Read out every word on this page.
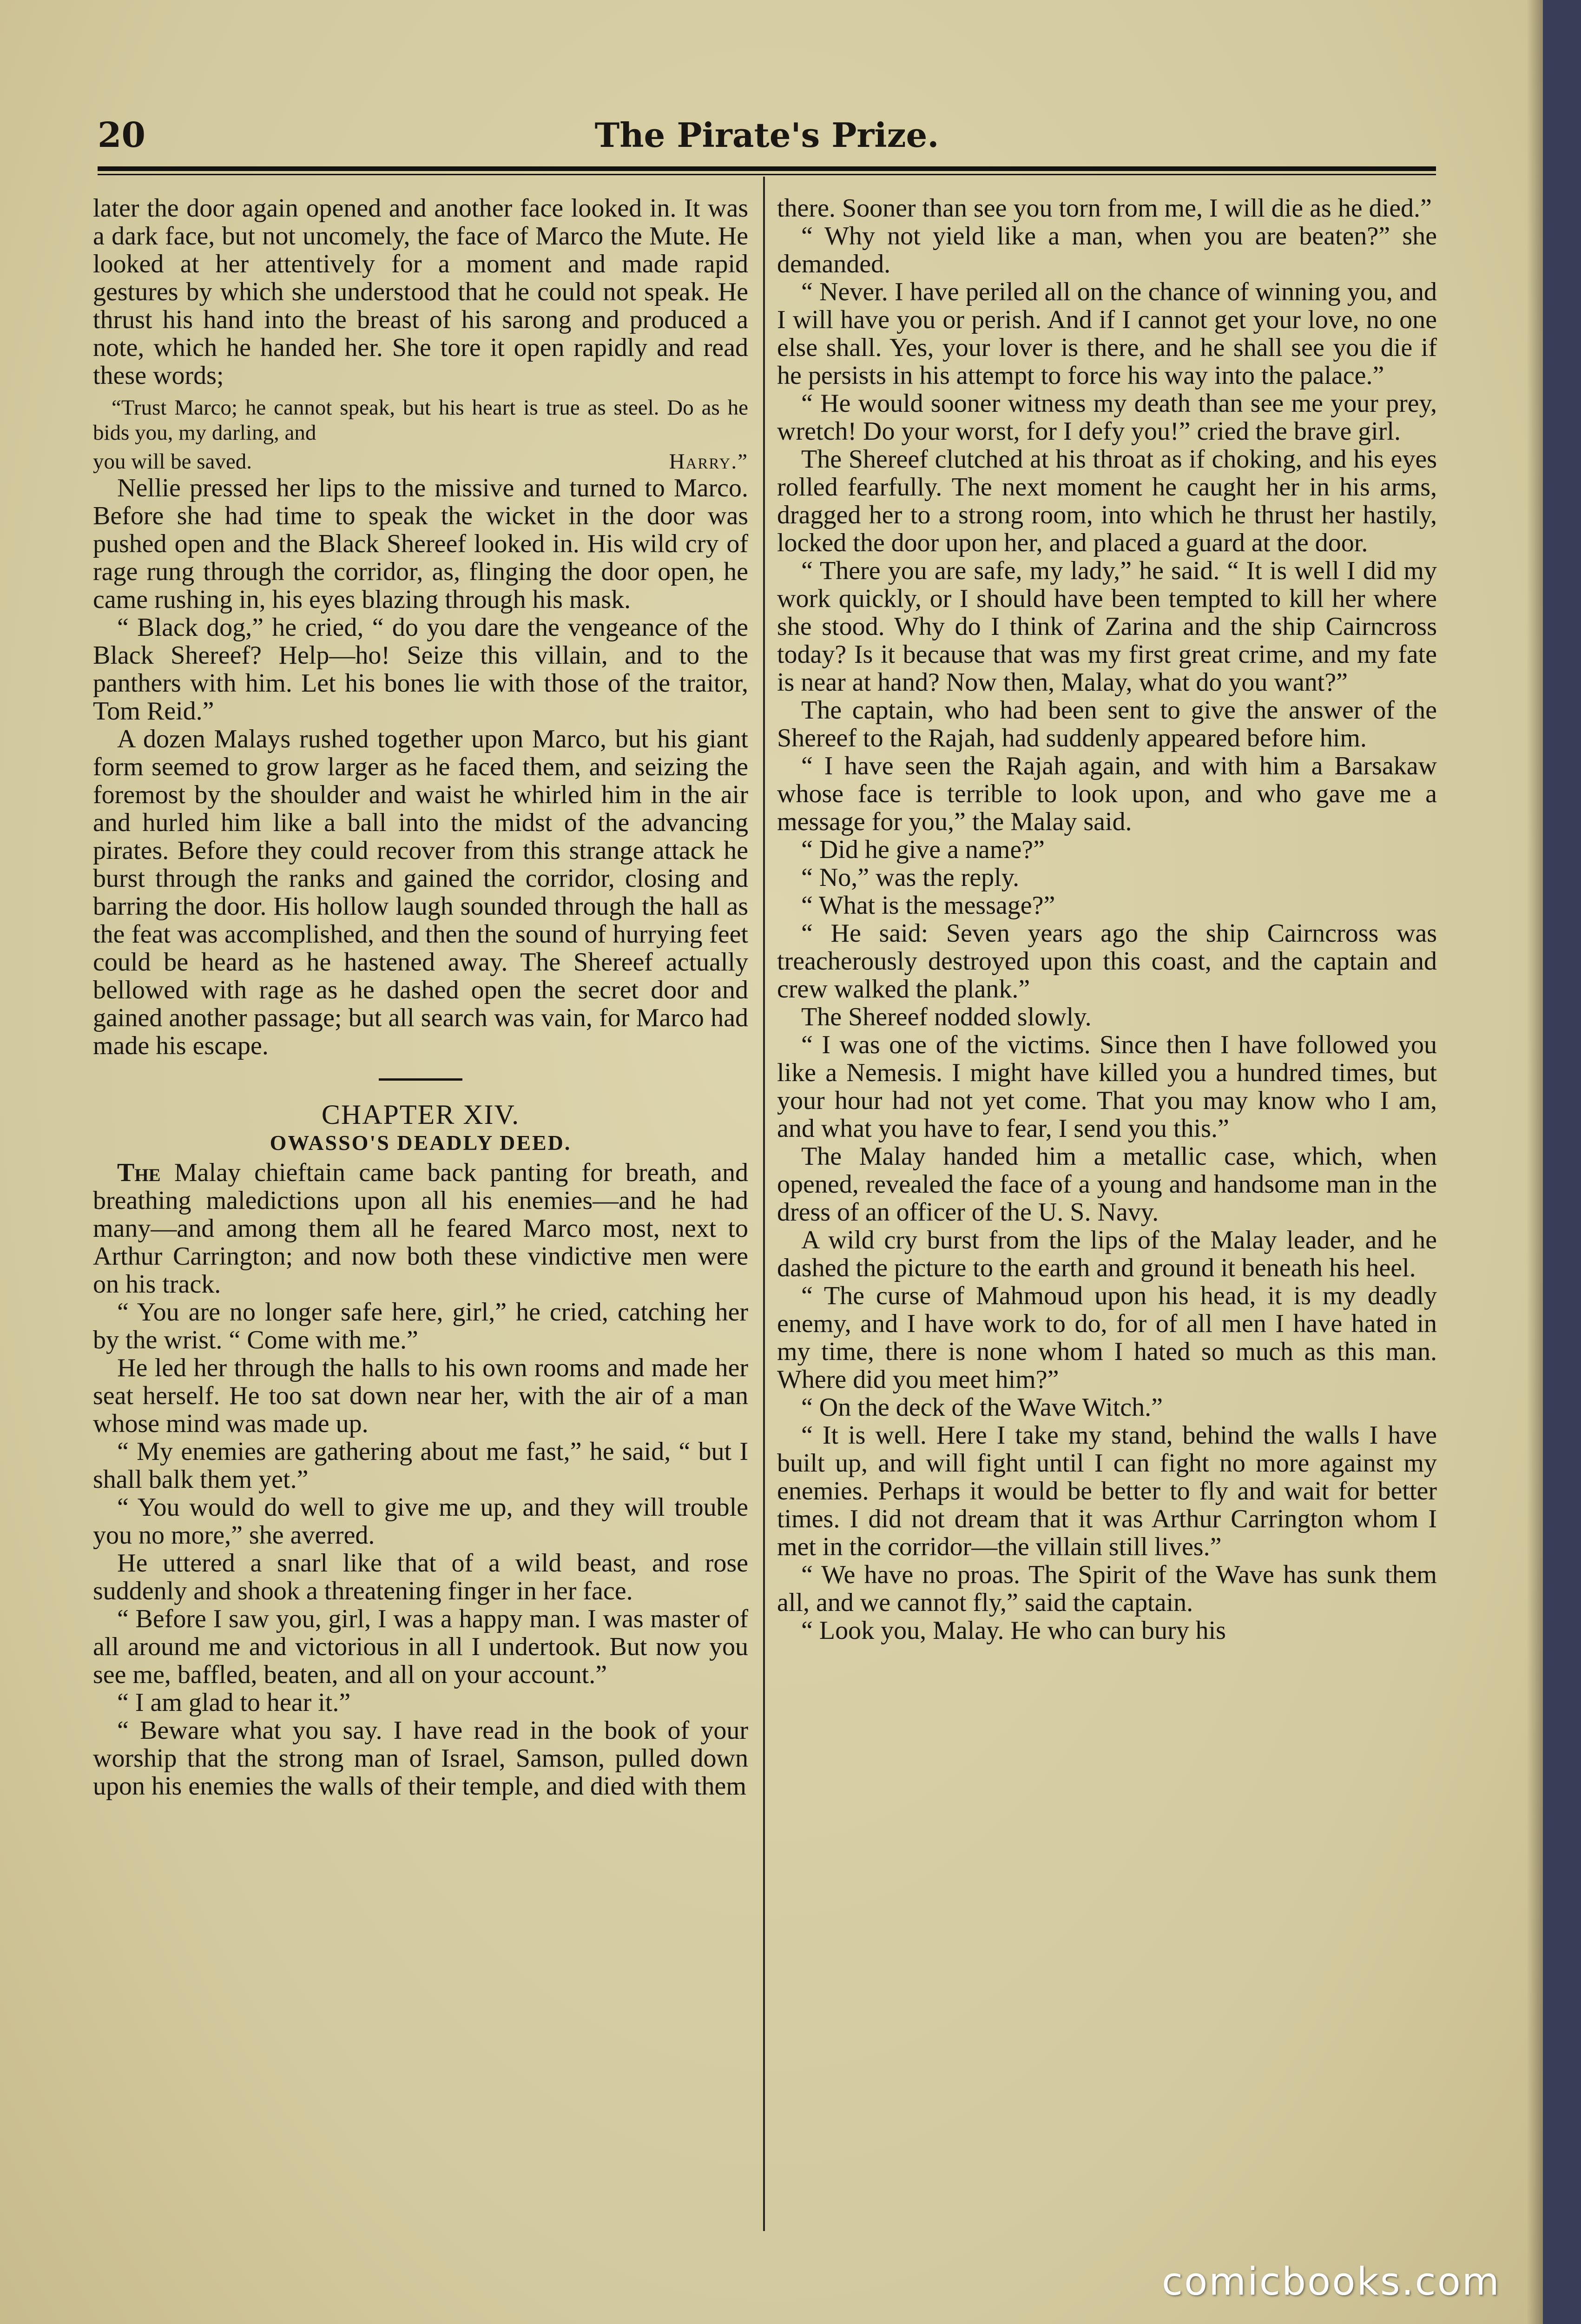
20	The Pirate's Prize.

later the door again opened and another face looked in. It was a dark face, but not uncomely, the face of Marco the Mute. He looked at her attentively for a moment and made rapid gestures by which she understood that he could not speak. He thrust his hand into the breast of his sarong and produced a note, which he handed her. She tore it open rapidly and read these words;

“Trust Marco; he cannot speak, but his heart is true as steel. Do as he bids you, my darling, and
you will be saved.	Harry.”

Nellie pressed her lips to the missive and turned to Marco. Before she had time to speak the wicket in the door was pushed open and the Black Shereef looked in. His wild cry of rage rung through the corridor, as, flinging the door open, he came rushing in, his eyes blazing through his mask.

“ Black dog,” he cried, “ do you dare the vengeance of the Black Shereef? Help—ho! Seize this villain, and to the panthers with him. Let his bones lie with those of the traitor, Tom Reid.”

A dozen Malays rushed together upon Marco, but his giant form seemed to grow larger as he faced them, and seizing the foremost by the shoulder and waist he whirled him in the air and hurled him like a ball into the midst of the advancing pirates. Before they could recover from this strange attack he burst through the ranks and gained the corridor, closing and barring the door. His hollow laugh sounded through the hall as the feat was accomplished, and then the sound of hurrying feet could be heard as he hastened away. The Shereef actually bellowed with rage as he dashed open the secret door and gained another passage; but all search was vain, for Marco had made his escape.

CHAPTER XIV.
OWASSO'S DEADLY DEED.

The Malay chieftain came back panting for breath, and breathing maledictions upon all his enemies—and he had many—and among them all he feared Marco most, next to Arthur Carrington; and now both these vindictive men were on his track.

“ You are no longer safe here, girl,” he cried, catching her by the wrist. “ Come with me.”

He led her through the halls to his own rooms and made her seat herself. He too sat down near her, with the air of a man whose mind was made up.

“ My enemies are gathering about me fast,” he said, “ but I shall balk them yet.”

“ You would do well to give me up, and they will trouble you no more,” she averred.

He uttered a snarl like that of a wild beast, and rose suddenly and shook a threatening finger in her face.

“ Before I saw you, girl, I was a happy man. I was master of all around me and victorious in all I undertook. But now you see me, baffled, beaten, and all on your account.”

“ I am glad to hear it.”

“ Beware what you say. I have read in the book of your worship that the strong man of Israel, Samson, pulled down upon his enemies the walls of their temple, and died with them

there. Sooner than see you torn from me, I will die as he died.”

“ Why not yield like a man, when you are beaten?” she demanded.

“ Never. I have periled all on the chance of winning you, and I will have you or perish. And if I cannot get your love, no one else shall. Yes, your lover is there, and he shall see you die if he persists in his attempt to force his way into the palace.”

“ He would sooner witness my death than see me your prey, wretch! Do your worst, for I defy you!” cried the brave girl.

The Shereef clutched at his throat as if choking, and his eyes rolled fearfully. The next moment he caught her in his arms, dragged her to a strong room, into which he thrust her hastily, locked the door upon her, and placed a guard at the door.

“ There you are safe, my lady,” he said. “ It is well I did my work quickly, or I should have been tempted to kill her where she stood. Why do I think of Zarina and the ship Cairncross today? Is it because that was my first great crime, and my fate is near at hand? Now then, Malay, what do you want?”

The captain, who had been sent to give the answer of the Shereef to the Rajah, had suddenly appeared before him.

“ I have seen the Rajah again, and with him a Barsakaw whose face is terrible to look upon, and who gave me a message for you,” the Malay said.

“ Did he give a name?”

“ No,” was the reply.

“ What is the message?”

“ He said: Seven years ago the ship Cairncross was treacherously destroyed upon this coast, and the captain and crew walked the plank.”

The Shereef nodded slowly.

“ I was one of the victims. Since then I have followed you like a Nemesis. I might have killed you a hundred times, but your hour had not yet come. That you may know who I am, and what you have to fear, I send you this.”

The Malay handed him a metallic case, which, when opened, revealed the face of a young and handsome man in the dress of an officer of the U. S. Navy.

A wild cry burst from the lips of the Malay leader, and he dashed the picture to the earth and ground it beneath his heel.

“ The curse of Mahmoud upon his head, it is my deadly enemy, and I have work to do, for of all men I have hated in my time, there is none whom I hated so much as this man. Where did you meet him?”

“ On the deck of the Wave Witch.”

“ It is well. Here I take my stand, behind the walls I have built up, and will fight until I can fight no more against my enemies. Perhaps it would be better to fly and wait for better times. I did not dream that it was Arthur Carrington whom I met in the corridor—the villain still lives.”

“ We have no proas. The Spirit of the Wave has sunk them all, and we cannot fly,” said the captain.

“ Look you, Malay. He who can bury his

comicbooks.com
